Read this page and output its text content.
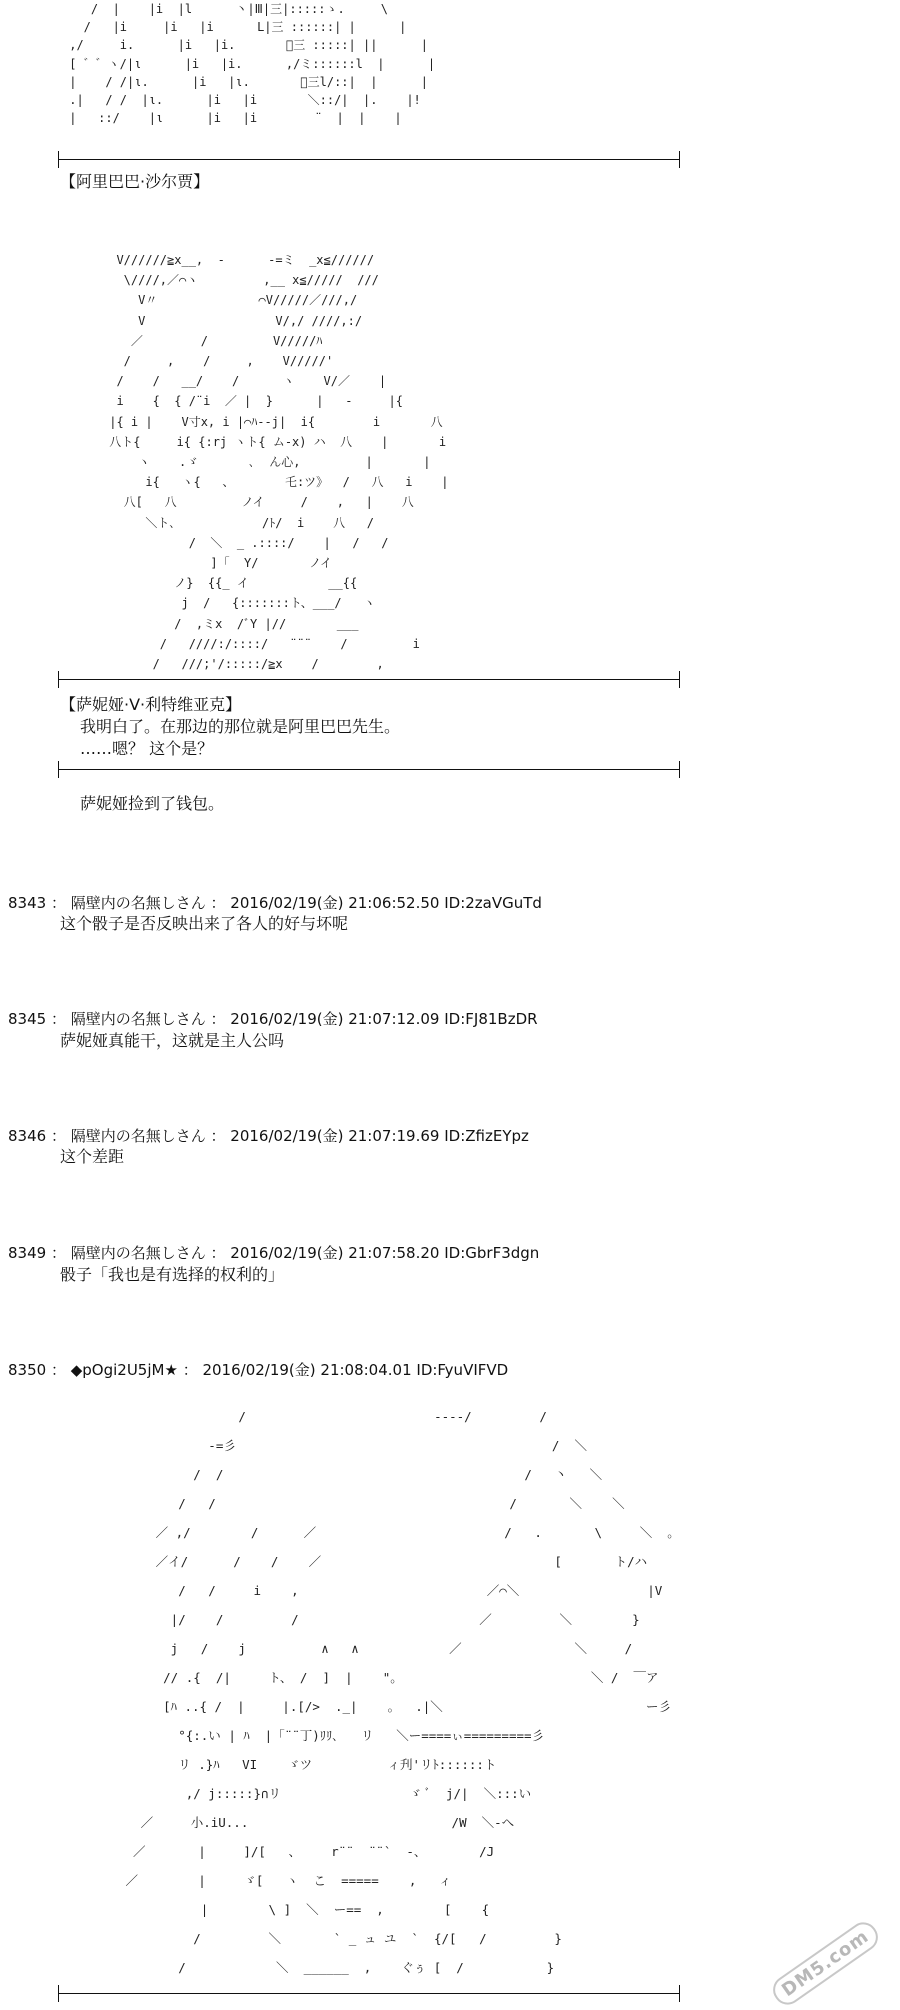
/  |    |i  |l      丶|Ⅲ|三|:::::ゝ.     \
/   |i     |i   |i      L|三 ::::::| |      |
,/     i.      |i   |i.       ゙三 :::::| ||      |
[ ゛゛ヽ/|ι      |i   |i.      ,/ミ::::::l  |      |
|    / /|ι.      |i   |ι.       ゙三l/::|  |      |
.|   / /  |ι.      |i   |i       ＼::/|  |.    |!
|   ::/    |ι      |i   |i        ¨  |  |    |
【阿里巴巴·沙尔贾】
V//////≧x__,  -      -=ミ  _x≦//////
\////,／⌒ヽ         ,__ x≦/////  ///
V〃              ⌒V/////／///,/
V                  V/,/ ////,:/
／        /         V/////ﾊ
/     ,    /     ,    V/////'
/    /   __/    /      ヽ    V/／    |
i    {  { /¨i  ／ |  }      |   ‐     |{
|{ i |    V寸x, i |⌒ﾊ-‐j|  i{        i       八
八ト{     i{ {:rj ヽト{ ム-x) ハ  八    |       i
ヽ    .ゞ       ､  ん心,         |       |
i{   ヽ{   、       乇:ツ》  /   八   i    |
八[   八         ノイ     /    ,   |    八
＼ト､            /ﾄ/  i    八   /
/  ＼  _ .::::/    |   /   /
]「  Y/       ノイ
ノ}  {{_ イ           __{{
j  /   {:::::::ト、___/   ヽ
/  ,ミx  /ﾞY |//       ___
/   ////:/::::/   ¨¨¨    /         i
/   ///;'/:::::/≧x    /        ,
【萨妮娅·V·利特维亚克】
我明白了。在那边的那位就是阿里巴巴先生。
……嗯？ 这个是？
萨妮娅捡到了钱包。
8343 ： 隔壁内の名無しさん ： 2016/02/19(金) 21:06:52.50 ID:2zaVGuTd
这个骰子是否反映出来了各人的好与坏呢
8345 ： 隔壁内の名無しさん ： 2016/02/19(金) 21:07:12.09 ID:FJ81BzDR
萨妮娅真能干，这就是主人公吗
8346 ： 隔壁内の名無しさん ： 2016/02/19(金) 21:07:19.69 ID:ZfizEYpz
这个差距
8349 ： 隔壁内の名無しさん ： 2016/02/19(金) 21:07:58.20 ID:GbrF3dgn
骰子「我也是有选择的权利的」
8350 ： ◆pOgi2U5jM★ ： 2016/02/19(金) 21:08:04.01 ID:FyuVIFVD
/                         ----/         /
-=彡                                          /  ＼
/  /                                        /   丶   ＼
/   /                                       /       ＼    ＼
／ ,/        /      ／                         /   .       \     ＼  。
／イ/      /    /    ／                               [       ト/ハ
/   /     i    ,                         ／⌒＼                 |V
|/    /         /                        ／         ＼        }
j   /    j          ∧   ∧            ／               ＼     /
// .{  /|     ト、 /  ]  |    "。                         ＼ /  ￣ア
[ﾊ ..{ /  |     |.[/>  ._|    。  .|＼                           ー彡
°{:.い | ﾊ  |「¨¨丁)ﾘﾘ､   リ   ＼ー====ぃ=========彡
リ .}ﾊ   VI    ゞツ          ィ刋'リﾄ::::::ト
,/ j:::::}∩リ                 ゞ ﾞ  j/|  ＼:::い
／     小.iU...                           /W  ＼-へ
／       |     ]/[   、    r¨¨  ¨¨`  -、       /J
／        |     ゞ[   ヽ  こ  =====    ,   ィ
|        \ ]  ＼  ー==  ,        [    {
/         ＼       ` _ ュ ユ  `  {/[   /         }
/            ＼  ______  ,    ぐぅ [  /           }	DM5.com
